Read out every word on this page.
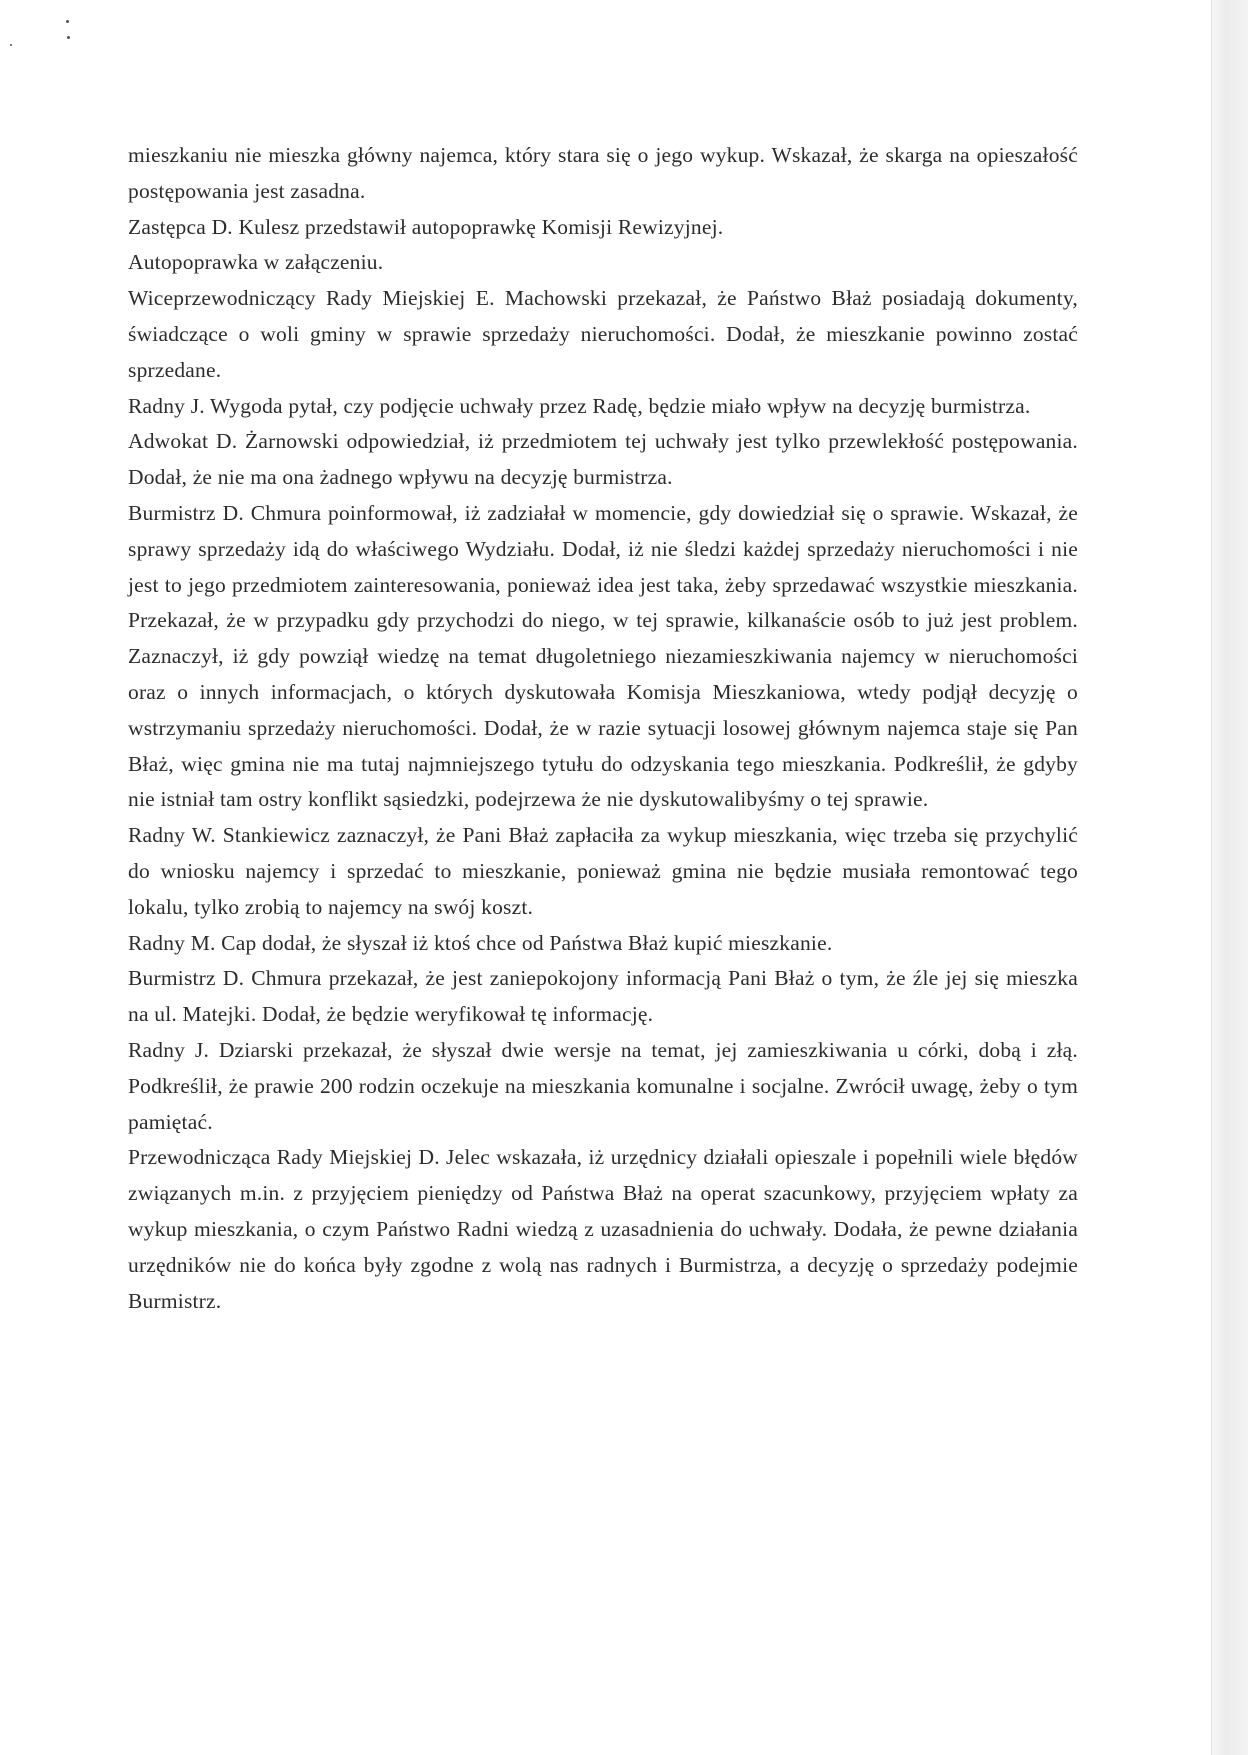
mieszkaniu nie mieszka główny najemca, który stara się o jego wykup. Wskazał, że skarga na opieszałość postępowania jest zasadna.

Zastępca D. Kulesz przedstawił autopoprawkę Komisji Rewizyjnej.

Autopoprawka w załączeniu.

Wiceprzewodniczący Rady Miejskiej E. Machowski przekazał, że Państwo Błaż posiadają dokumenty, świadczące o woli gminy w sprawie sprzedaży nieruchomości. Dodał, że mieszkanie powinno zostać sprzedane.

Radny J. Wygoda pytał, czy podjęcie uchwały przez Radę, będzie miało wpływ na decyzję burmistrza.

Adwokat D. Żarnowski odpowiedział, iż przedmiotem tej uchwały jest tylko przewlekłość postępowania. Dodał, że nie ma ona żadnego wpływu na decyzję burmistrza.

Burmistrz D. Chmura poinformował, iż zadziałał w momencie, gdy dowiedział się o sprawie. Wskazał, że sprawy sprzedaży idą do właściwego Wydziału. Dodał, iż nie śledzi każdej sprzedaży nieruchomości i nie jest to jego przedmiotem zainteresowania, ponieważ idea jest taka, żeby sprzedawać wszystkie mieszkania. Przekazał, że w przypadku gdy przychodzi do niego, w tej sprawie, kilkanaście osób to już jest problem. Zaznaczył, iż gdy powziął wiedzę na temat długoletniego niezamieszkiwania najemcy w nieruchomości oraz o innych informacjach, o których dyskutowała Komisja Mieszkaniowa, wtedy podjął decyzję o wstrzymaniu sprzedaży nieruchomości. Dodał, że w razie sytuacji losowej głównym najemca staje się Pan Błaż, więc gmina nie ma tutaj najmniejszego tytułu do odzyskania tego mieszkania. Podkreślił, że gdyby nie istniał tam ostry konflikt sąsiedzki, podejrzewa że nie dyskutowalibyśmy o tej sprawie.

Radny W. Stankiewicz zaznaczył, że Pani Błaż zapłaciła za wykup mieszkania, więc trzeba się przychylić do wniosku najemcy i sprzedać to mieszkanie, ponieważ gmina nie będzie musiała remontować tego lokalu, tylko zrobią to najemcy na swój koszt.

Radny M. Cap dodał, że słyszał iż ktoś chce od Państwa Błaż kupić mieszkanie.

Burmistrz D. Chmura przekazał, że jest zaniepokojony informacją Pani Błaż o tym, że źle jej się mieszka na ul. Matejki. Dodał, że będzie weryfikował tę informację.

Radny J. Dziarski przekazał, że słyszał dwie wersje na temat, jej zamieszkiwania u córki, dobą i złą. Podkreślił, że prawie 200 rodzin oczekuje na mieszkania komunalne i socjalne. Zwrócił uwagę, żeby o tym pamiętać.

Przewodnicząca Rady Miejskiej D. Jelec wskazała, iż urzędnicy działali opieszale i popełnili wiele błędów związanych m.in. z przyjęciem pieniędzy od Państwa Błaż na operat szacunkowy, przyjęciem wpłaty za wykup mieszkania, o czym Państwo Radni wiedzą z uzasadnienia do uchwały. Dodała, że pewne działania urzędników nie do końca były zgodne z wolą nas radnych i Burmistrza, a decyzję o sprzedaży podejmie Burmistrz.
